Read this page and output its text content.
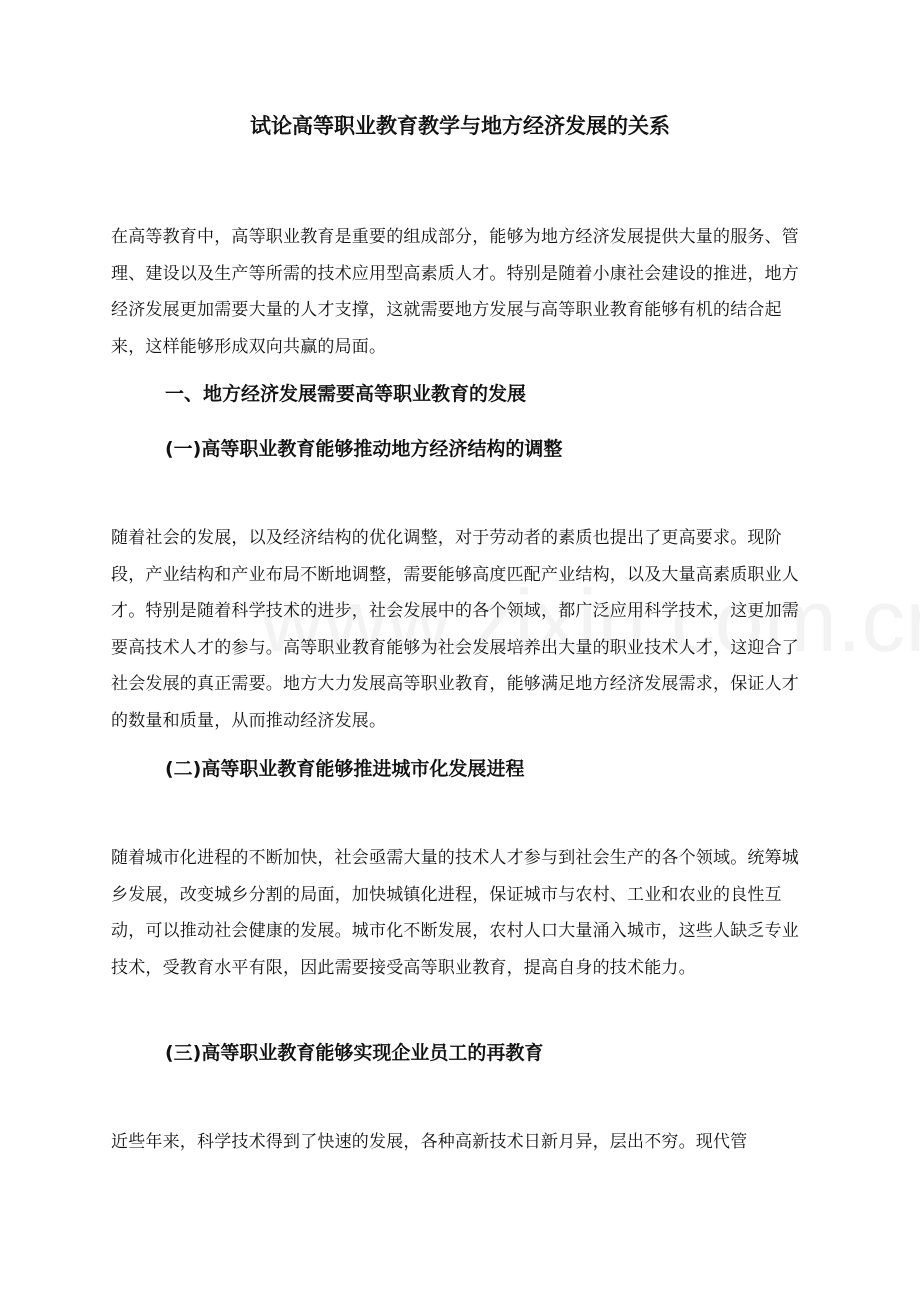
试论高等职业教育教学与地方经济发展的关系

在高等教育中，高等职业教育是重要的组成部分，能够为地方经济发展提供大量的服务、管理、建设以及生产等所需的技术应用型高素质人才。特别是随着小康社会建设的推进，地方经济发展更加需要大量的人才支撑，这就需要地方发展与高等职业教育能够有机的结合起来，这样能够形成双向共赢的局面。

一、地方经济发展需要高等职业教育的发展
(一)高等职业教育能够推动地方经济结构的调整

随着社会的发展，以及经济结构的优化调整，对于劳动者的素质也提出了更高要求。现阶段，产业结构和产业布局不断地调整，需要能够高度匹配产业结构，以及大量高素质职业人才。特别是随着科学技术的进步，社会发展中的各个领域，都广泛应用科学技术，这更加需要高技术人才的参与。高等职业教育能够为社会发展培养出大量的职业技术人才，这迎合了社会发展的真正需要。地方大力发展高等职业教育，能够满足地方经济发展需求，保证人才的数量和质量，从而推动经济发展。

(二)高等职业教育能够推进城市化发展进程

随着城市化进程的不断加快，社会亟需大量的技术人才参与到社会生产的各个领域。统筹城乡发展，改变城乡分割的局面，加快城镇化进程，保证城市与农村、工业和农业的良性互动，可以推动社会健康的发展。城市化不断发展，农村人口大量涌入城市，这些人缺乏专业技术，受教育水平有限，因此需要接受高等职业教育，提高自身的技术能力。

(三)高等职业教育能够实现企业员工的再教育

近些年来，科学技术得到了快速的发展，各种高新技术日新月异，层出不穷。现代管
